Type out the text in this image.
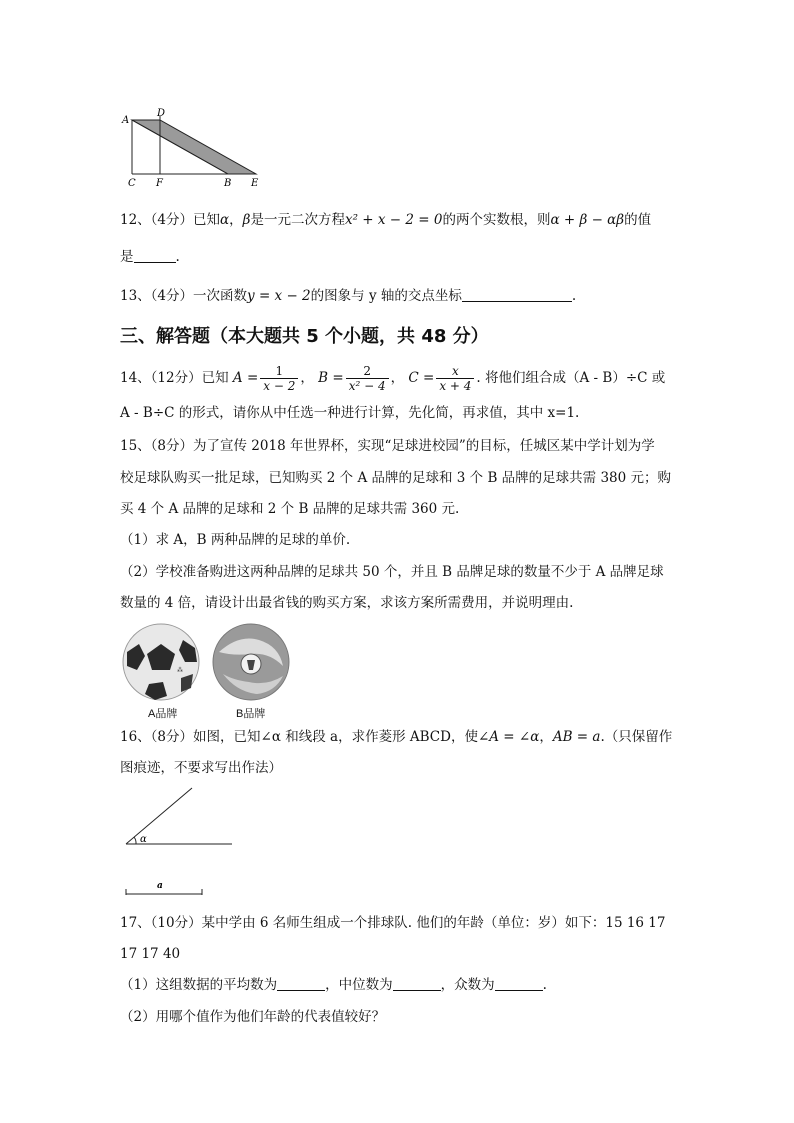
A
D
C F	B E
12、（4分）已知α，β是一元二次方程x² + x − 2 = 0的两个实数根，则α + β − αβ的值
是	.
13、（4分）一次函数y = x − 2的图象与 y 轴的交点坐标	.
三、解答题（本大题共 5 个小题，共 48 分）
14、（12分）已知 $A = \frac{1}{x - 2}$ ， $B = \frac{2}{\text{x² − 4}}$ ， $C = \frac{x}{x + 4}$ . 将他们组合成（A - B）÷C 或
A - B÷C 的形式，请你从中任选一种进行计算，先化简，再求值，其中 x=1.
15、（8分）为了宣传 2018 年世界杯，实现“足球进校园”的目标，任城区某中学计划为学
校足球队购买一批足球，已知购买 2 个 A 品牌的足球和 3 个 B 品牌的足球共需 380 元；购
买 4 个 A 品牌的足球和 2 个 B 品牌的足球共需 360 元.
（1）求 A，B 两种品牌的足球的单价.
（2）学校准备购进这两种品牌的足球共 50 个，并且 B 品牌足球的数量不少于 A 品牌足球
数量的 4 倍，请设计出最省钱的购买方案，求该方案所需费用，并说明理由.
⁂
A品牌	B品牌
16、（8分）如图，已知∠α 和线段 a，求作菱形 ABCD，使∠A = ∠α，AB = a.（只保留作
图痕迹，不要求写出作法）
α
a
17、（10分）某中学由 6 名师生组成一个排球队. 他们的年龄（单位：岁）如下：15 16 17
17 17 40
（1）这组数据的平均数为	，中位数为	，众数为	.
（2）用哪个值作为他们年龄的代表值较好？
